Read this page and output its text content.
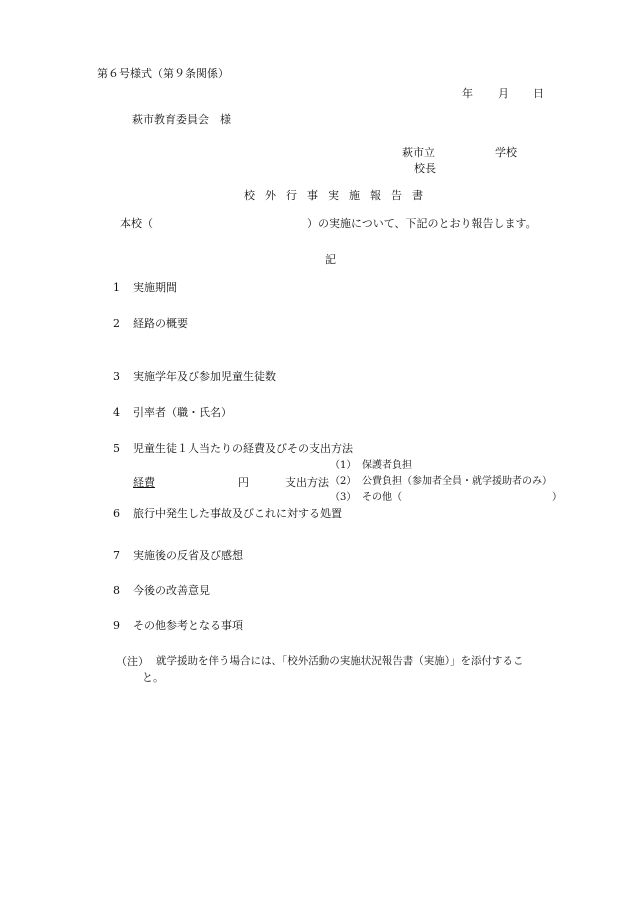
第６号様式（第９条関係）
年 月 日
萩市教育委員会　様
萩市立	学校
校長
校 外 行 事 実 施 報 告 書
本校（	）の実施について、下記のとおり報告します。
記
1 実施期間
2 経路の概要
3 実施学年及び参加児童生徒数
4 引率者（職・氏名）
5 児童生徒１人当たりの経費及びその支出方法
（1） 保護者負担
経費	円	支出方法 （2） 公費負担（参加者全員・就学援助者のみ）
（3） その他（	）
6 旅行中発生した事故及びこれに対する処置
7 実施後の反省及び感想
8 今後の改善意見
9 その他参考となる事項
（注） 就学援助を伴う場合には、「校外活動の実施状況報告書（実施）」を添付するこ
と。
